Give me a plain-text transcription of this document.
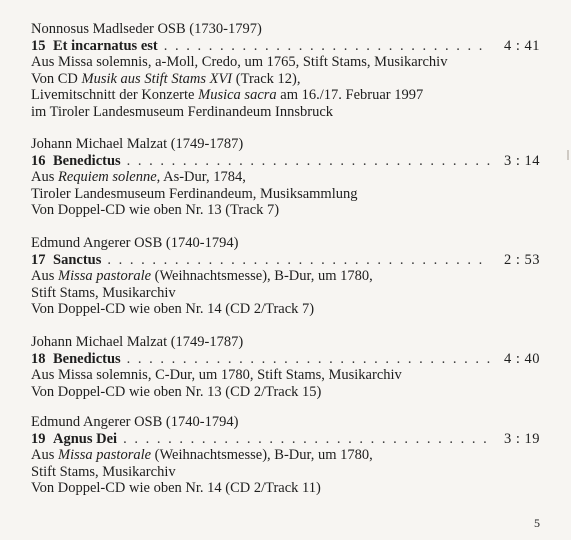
Nonnosus Madlseder OSB (1730-1797)
15 Et incarnatus est . . .	4 : 41
Aus Missa solemnis, a-Moll, Credo, um 1765, Stift Stams, Musikarchiv
Von CD Musik aus Stift Stams XVI (Track 12),
Livemitschnitt der Konzerte Musica sacra am 16./17. Februar 1997
im Tiroler Landesmuseum Ferdinandeum Innsbruck
Johann Michael Malzat (1749-1787)
16 Benedictus . . .	3 : 14
Aus Requiem solenne, As-Dur, 1784,
Tiroler Landesmuseum Ferdinandeum, Musiksammlung
Von Doppel-CD wie oben Nr. 13 (Track 7)
Edmund Angerer OSB (1740-1794)
17 Sanctus . . .	2 : 53
Aus Missa pastorale (Weihnachtsmesse), B-Dur, um 1780,
Stift Stams, Musikarchiv
Von Doppel-CD wie oben Nr. 14 (CD 2/Track 7)
Johann Michael Malzat (1749-1787)
18 Benedictus . . .	4 : 40
Aus Missa solemnis, C-Dur, um 1780, Stift Stams, Musikarchiv
Von Doppel-CD wie oben Nr. 13 (CD 2/Track 15)
Edmund Angerer OSB (1740-1794)
19 Agnus Dei . . .	3 : 19
Aus Missa pastorale (Weihnachtsmesse), B-Dur, um 1780,
Stift Stams, Musikarchiv
Von Doppel-CD wie oben Nr. 14 (CD 2/Track 11)
5
